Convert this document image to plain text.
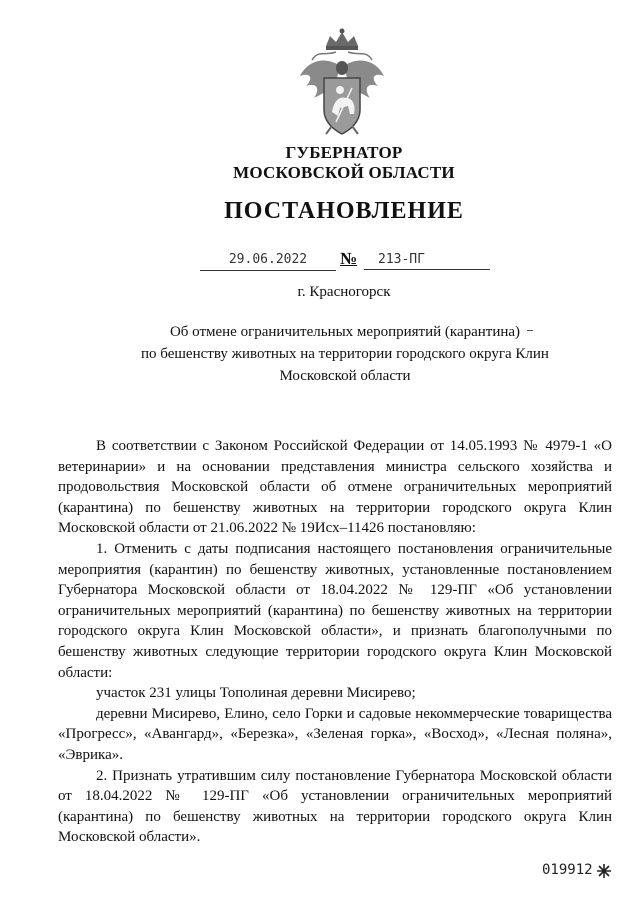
ГУБЕРНАТОР
МОСКОВСКОЙ ОБЛАСТИ
ПОСТАНОВЛЕНИЕ
29.06.2022	№	213-ПГ
г. Красногорск
Об отмене ограничительных мероприятий (карантина)
по бешенству животных на территории городского округа Клин
Московской области

В соответствии с Законом Российской Федерации от 14.05.1993 № 4979-1 «О ветеринарии» и на основании представления министра сельского хозяйства и продовольствия Московской области об отмене ограничительных мероприятий (карантина) по бешенству животных на территории городского округа Клин Московской области от 21.06.2022 № 19Исх–11426 постановляю:

1. Отменить с даты подписания настоящего постановления ограничительные мероприятия (карантин) по бешенству животных, установленные постановлением Губернатора Московской области от 18.04.2022 № 129-ПГ «Об установлении ограничительных мероприятий (карантина) по бешенству животных на территории городского округа Клин Московской области», и признать благополучными по бешенству животных следующие территории городского округа Клин Московской области:

участок 231 улицы Тополиная деревни Мисирево;

деревни Мисирево, Елино, село Горки и садовые некоммерческие товарищества «Прогресс», «Авангард», «Березка», «Зеленая горка», «Восход», «Лесная поляна», «Эврика».

2. Признать утратившим силу постановление Губернатора Московской области от 18.04.2022 № 129-ПГ «Об установлении ограничительных мероприятий (карантина) по бешенству животных на территории городского округа Клин Московской области».

019912
